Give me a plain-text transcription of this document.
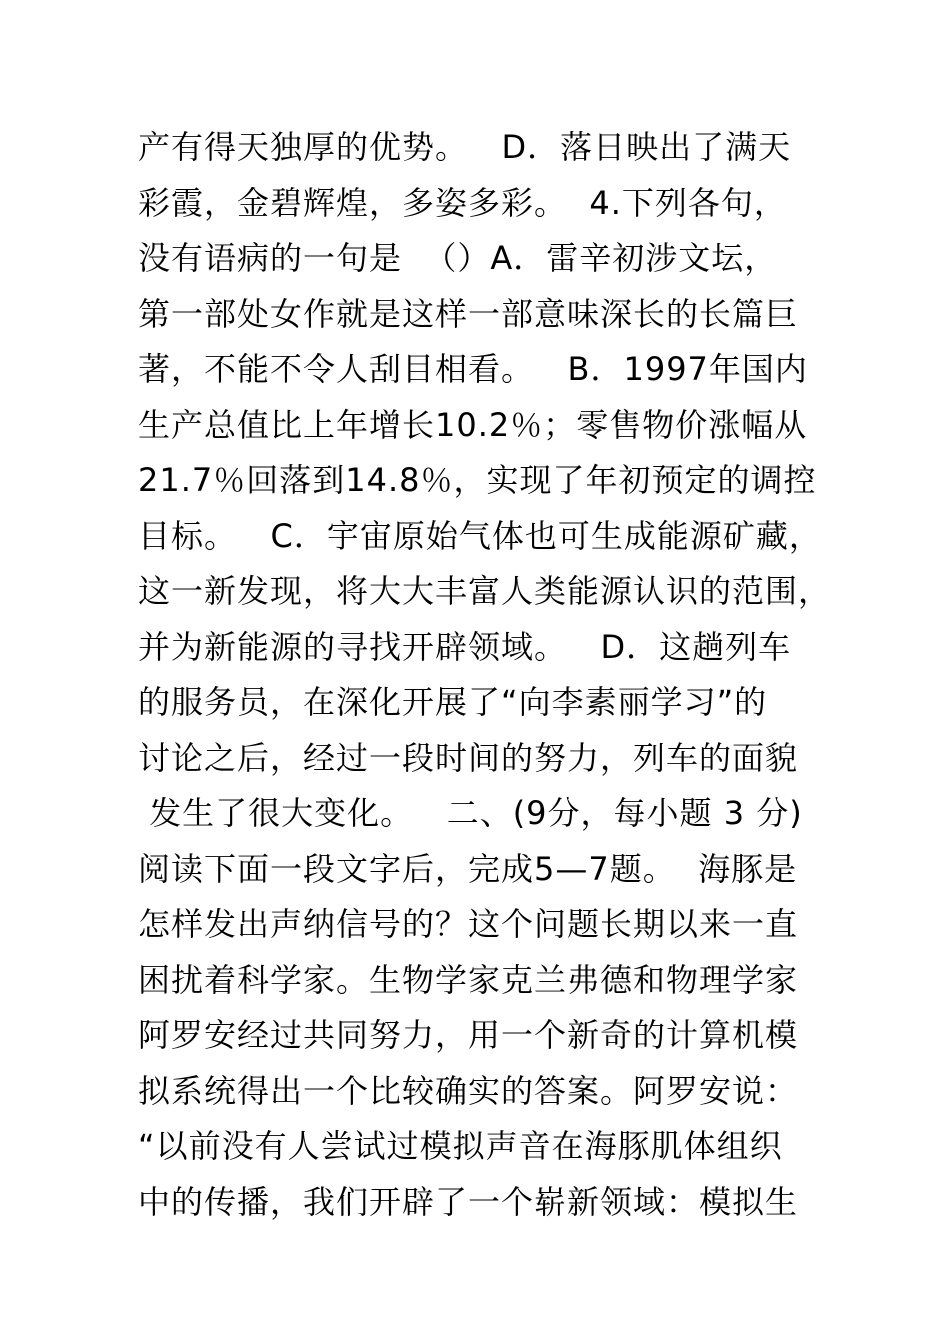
产有得天独厚的优势。   D．落日映出了满天
彩霞，金碧辉煌，多姿多彩。  4.下列各句，
没有语病的一句是  （）A．雷辛初涉文坛，
第一部处女作就是这样一部意味深长的长篇巨
著，不能不令人刮目相看。   B．1997年国内
生产总值比上年增长10.2％；零售物价涨幅从
21.7％回落到14.8％，实现了年初预定的调控
目标。   C．宇宙原始气体也可生成能源矿藏，
这一新发现，将大大丰富人类能源认识的范围，
并为新能源的寻找开辟领域。   D．这趟列车
的服务员，在深化开展了“向李素丽学习”的
讨论之后，经过一段时间的努力，列车的面貌
发生了很大变化。   二、(9分，每小题 3 分)
阅读下面一段文字后，完成5—7题。  海豚是
怎样发出声纳信号的？这个问题长期以来一直
困扰着科学家。生物学家克兰弗德和物理学家
阿罗安经过共同努力，用一个新奇的计算机模
拟系统得出一个比较确实的答案。阿罗安说：
“以前没有人尝试过模拟声音在海豚肌体组织
中的传播，我们开辟了一个崭新领域：模拟生
